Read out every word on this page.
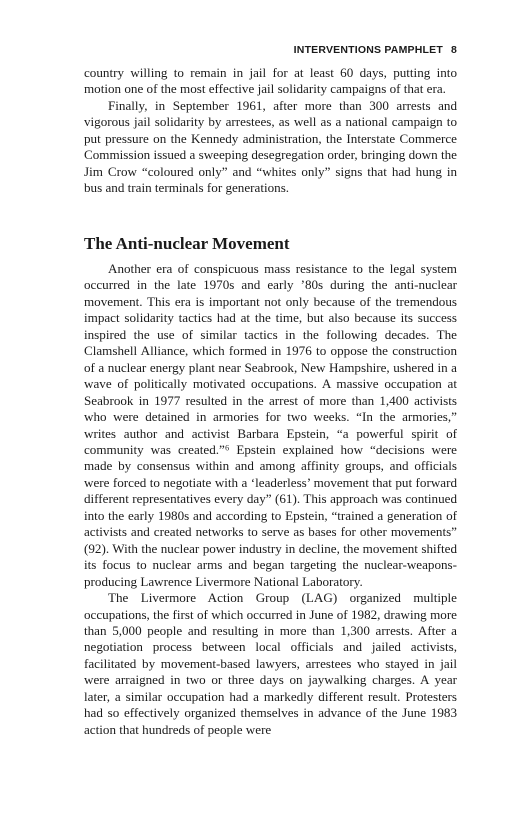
INTERVENTIONS PAMPHLET 8

country willing to remain in jail for at least 60 days, putting into motion one of the most effective jail solidarity campaigns of that era.

Finally, in September 1961, after more than 300 arrests and vigorous jail solidarity by arrestees, as well as a national campaign to put pressure on the Kennedy administration, the Interstate Commerce Commission issued a sweeping desegregation order, bringing down the Jim Crow “coloured only” and “whites only” signs that had hung in bus and train terminals for generations.

The Anti-nuclear Movement

Another era of conspicuous mass resistance to the legal system occurred in the late 1970s and early ’80s during the anti-nuclear movement. This era is important not only because of the tremendous impact solidarity tactics had at the time, but also because its success inspired the use of similar tactics in the following decades. The Clamshell Alliance, which formed in 1976 to oppose the construction of a nuclear energy plant near Seabrook, New Hampshire, ushered in a wave of politically motivated occupations. A massive occupation at Seabrook in 1977 resulted in the arrest of more than 1,400 activists who were detained in armories for two weeks. “In the armories,” writes author and activist Barbara Epstein, “a powerful spirit of community was created.”⁶ Epstein explained how “decisions were made by consensus within and among affinity groups, and officials were forced to negotiate with a ‘leaderless’ movement that put forward different representatives every day” (61). This approach was continued into the early 1980s and according to Epstein, “trained a generation of activists and created networks to serve as bases for other movements” (92). With the nuclear power industry in decline, the movement shifted its focus to nuclear arms and began targeting the nuclear-weapons-producing Lawrence Livermore National Laboratory.

The Livermore Action Group (LAG) organized multiple occupations, the first of which occurred in June of 1982, drawing more than 5,000 people and resulting in more than 1,300 arrests. After a negotiation process between local officials and jailed activists, facilitated by movement-based lawyers, arrestees who stayed in jail were arraigned in two or three days on jaywalking charges. A year later, a similar occupation had a markedly different result. Protesters had so effectively organized themselves in advance of the June 1983 action that hundreds of people were
